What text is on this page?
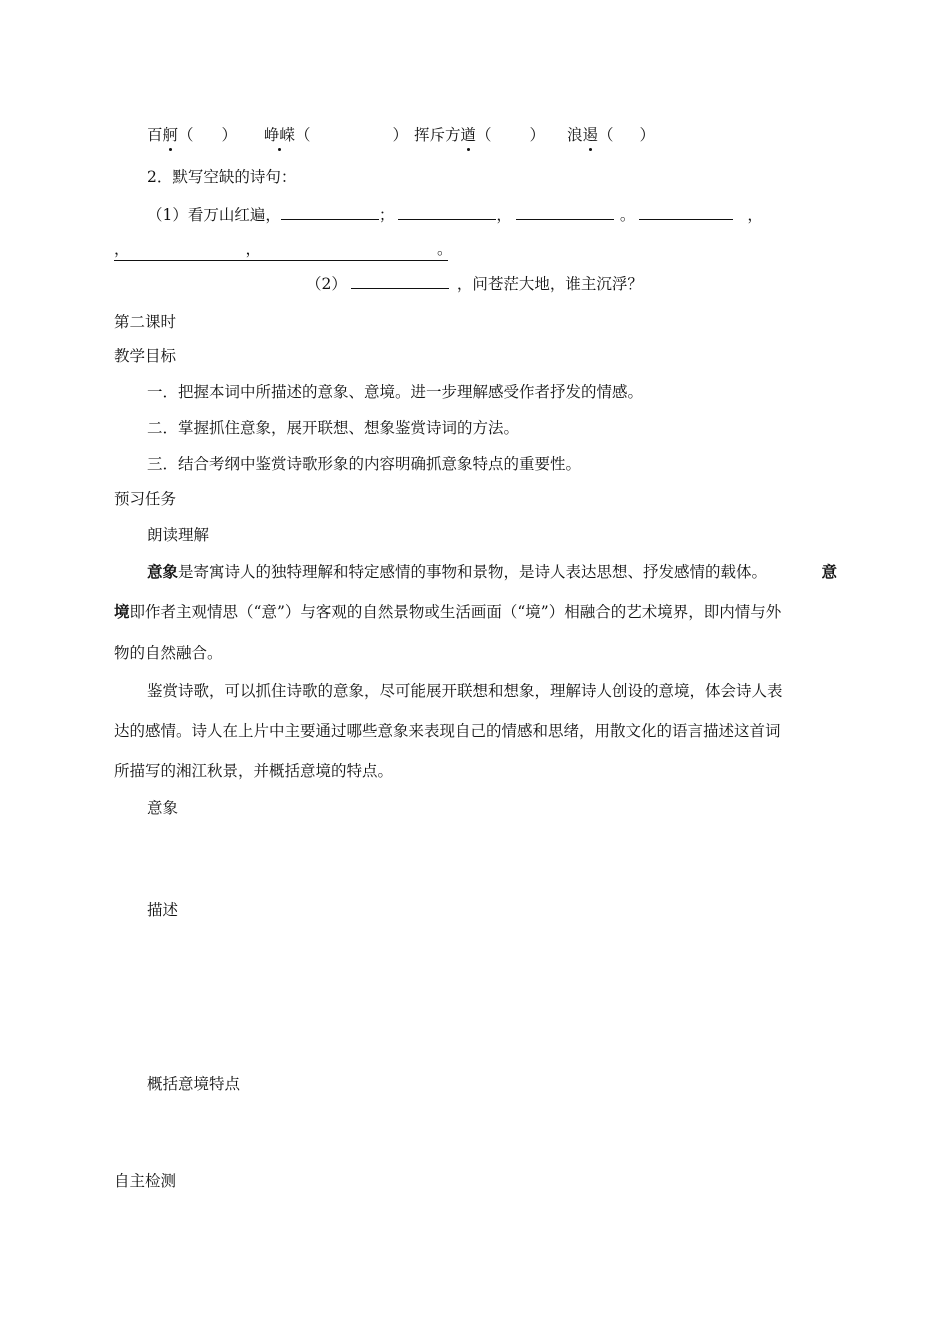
百舸（ ） 峥嵘（	） 挥斥方遒（ ） 浪遏（ ）
2．默写空缺的诗句：
（1）看万山红遍，	；	，	。	，
，	，	。
（2）	，问苍茫大地，谁主沉浮？
第二课时
教学目标
一．把握本词中所描述的意象、意境。进一步理解感受作者抒发的情感。
二．掌握抓住意象，展开联想、想象鉴赏诗词的方法。
三．结合考纲中鉴赏诗歌形象的内容明确抓意象特点的重要性。
预习任务
朗读理解
意象是寄寓诗人的独特理解和特定感情的事物和景物，是诗人表达思想、抒发感情的载体。	意
境即作者主观情思（“意”）与客观的自然景物或生活画面（“境”）相融合的艺术境界，即内情与外
物的自然融合。
鉴赏诗歌，可以抓住诗歌的意象，尽可能展开联想和想象，理解诗人创设的意境，体会诗人表
达的感情。诗人在上片中主要通过哪些意象来表现自己的情感和思绪，用散文化的语言描述这首词
所描写的湘江秋景，并概括意境的特点。
意象
描述
概括意境特点
自主检测
